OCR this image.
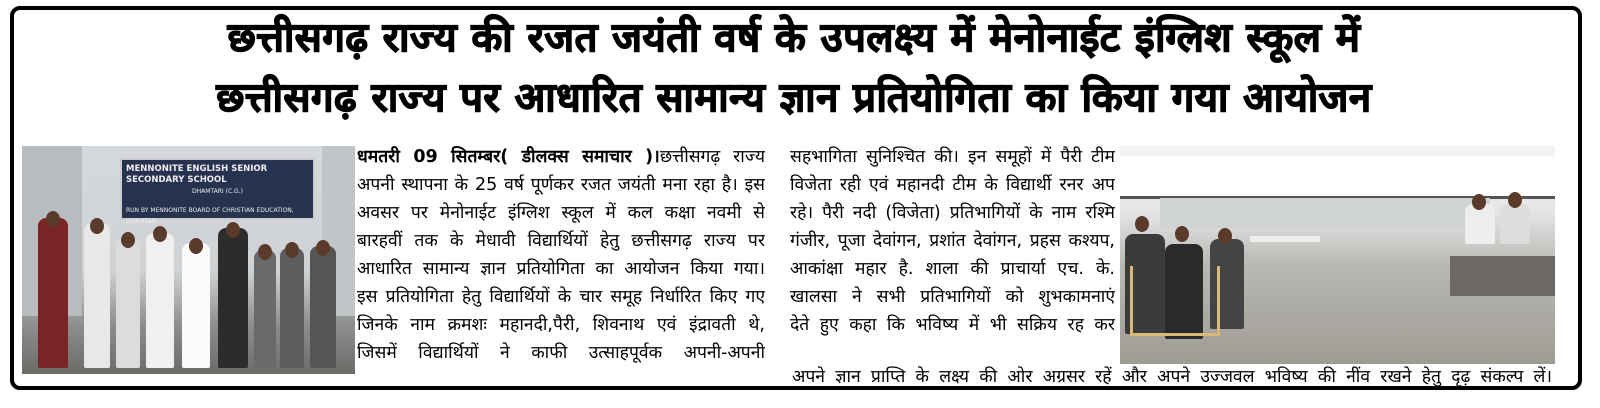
छत्तीसगढ़ राज्य की रजत जयंती वर्ष के उपलक्ष्य में मेनोनाईट इंग्लिश स्कूल में
छत्तीसगढ़ राज्य पर आधारित सामान्य ज्ञान प्रतियोगिता का किया गया आयोजन
MENNONITE ENGLISH SENIOR SECONDARY SCHOOL
DHAMTARI (C.G.)
RUN BY MENNONITE BOARD OF CHRISTIAN EDUCATION, DHAMTARI.
धमतरी 09 सितम्बर( डीलक्स समाचार )।छत्तीसगढ़ राज्य
अपनी स्थापना के 25 वर्ष पूर्णकर रजत जयंती मना रहा है। इस
अवसर पर मेनोनाईट इंग्लिश स्कूल में कल कक्षा नवमी से
बारहवीं तक के मेधावी विद्यार्थियों हेतु छत्तीसगढ़ राज्य पर
आधारित सामान्य ज्ञान प्रतियोगिता का आयोजन किया गया।
इस प्रतियोगिता हेतु विद्यार्थियों के चार समूह निर्धारित किए गए
जिनके नाम क्रमशः महानदी,पैरी, शिवनाथ एवं इंद्रावती थे,
जिसमें विद्यार्थियों ने काफी उत्साहपूर्वक अपनी-अपनी
सहभागिता सुनिश्चित की। इन समूहों में पैरी टीम
विजेता रही एवं महानदी टीम के विद्यार्थी रनर अप
रहे। पैरी नदी (विजेता) प्रतिभागियों के नाम रश्मि
गंजीर, पूजा देवांगन, प्रशांत देवांगन, प्रहस कश्यप,
आकांक्षा महार है. शाला की प्राचार्या एच. के.
खालसा ने सभी प्रतिभागियों को शुभकामनाएं
देते हुए कहा कि भविष्य में भी सक्रिय रह कर
अपने ज्ञान प्राप्ति के लक्ष्य की ओर अग्रसर रहें और अपने उज्जवल भविष्य की नींव रखने हेतु दृढ़ संकल्प लें।
